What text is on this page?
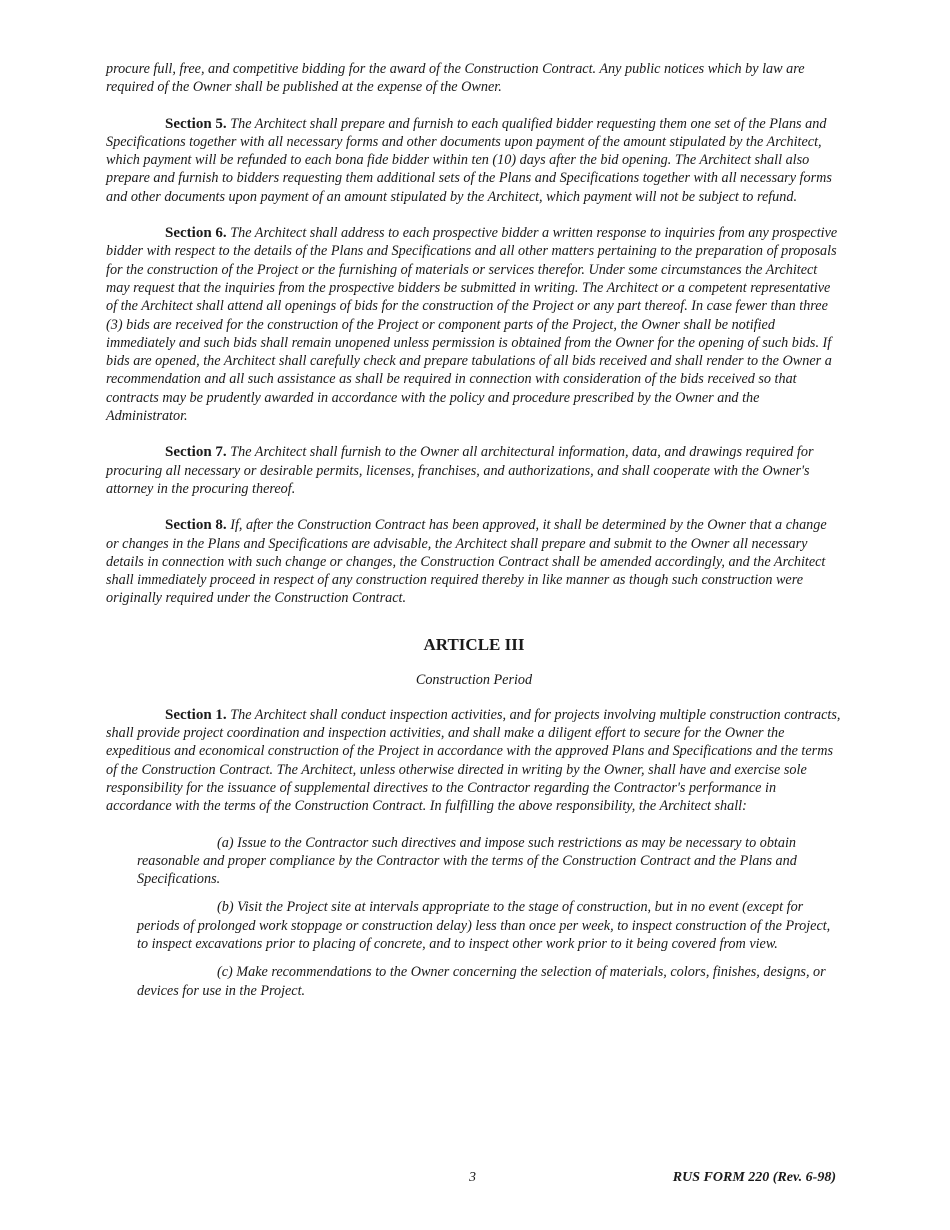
procure full, free, and competitive bidding for the award of the Construction Contract. Any public notices which by law are required of the Owner shall be published at the expense of the Owner.

Section 5. The Architect shall prepare and furnish to each qualified bidder requesting them one set of the Plans and Specifications together with all necessary forms and other documents upon payment of the amount stipulated by the Architect, which payment will be refunded to each bona fide bidder within ten (10) days after the bid opening. The Architect shall also prepare and furnish to bidders requesting them additional sets of the Plans and Specifications together with all necessary forms and other documents upon payment of an amount stipulated by the Architect, which payment will not be subject to refund.

Section 6. The Architect shall address to each prospective bidder a written response to inquiries from any prospective bidder with respect to the details of the Plans and Specifications and all other matters pertaining to the preparation of proposals for the construction of the Project or the furnishing of materials or services therefor. Under some circumstances the Architect may request that the inquiries from the prospective bidders be submitted in writing. The Architect or a competent representative of the Architect shall attend all openings of bids for the construction of the Project or any part thereof. In case fewer than three (3) bids are received for the construction of the Project or component parts of the Project, the Owner shall be notified immediately and such bids shall remain unopened unless permission is obtained from the Owner for the opening of such bids. If bids are opened, the Architect shall carefully check and prepare tabulations of all bids received and shall render to the Owner a recommendation and all such assistance as shall be required in connection with consideration of the bids received so that contracts may be prudently awarded in accordance with the policy and procedure prescribed by the Owner and the Administrator.

Section 7. The Architect shall furnish to the Owner all architectural information, data, and drawings required for procuring all necessary or desirable permits, licenses, franchises, and authorizations, and shall cooperate with the Owner's attorney in the procuring thereof.

Section 8. If, after the Construction Contract has been approved, it shall be determined by the Owner that a change or changes in the Plans and Specifications are advisable, the Architect shall prepare and submit to the Owner all necessary details in connection with such change or changes, the Construction Contract shall be amended accordingly, and the Architect shall immediately proceed in respect of any construction required thereby in like manner as though such construction were originally required under the Construction Contract.

ARTICLE III
Construction Period

Section 1. The Architect shall conduct inspection activities, and for projects involving multiple construction contracts, shall provide project coordination and inspection activities, and shall make a diligent effort to secure for the Owner the expeditious and economical construction of the Project in accordance with the approved Plans and Specifications and the terms of the Construction Contract. The Architect, unless otherwise directed in writing by the Owner, shall have and exercise sole responsibility for the issuance of supplemental directives to the Contractor regarding the Contractor's performance in accordance with the terms of the Construction Contract. In fulfilling the above responsibility, the Architect shall:

(a) Issue to the Contractor such directives and impose such restrictions as may be necessary to obtain reasonable and proper compliance by the Contractor with the terms of the Construction Contract and the Plans and Specifications.

(b) Visit the Project site at intervals appropriate to the stage of construction, but in no event (except for periods of prolonged work stoppage or construction delay) less than once per week, to inspect construction of the Project, to inspect excavations prior to placing of concrete, and to inspect other work prior to it being covered from view.

(c) Make recommendations to the Owner concerning the selection of materials, colors, finishes, designs, or devices for use in the Project.

3	RUS FORM 220 (Rev. 6-98)
